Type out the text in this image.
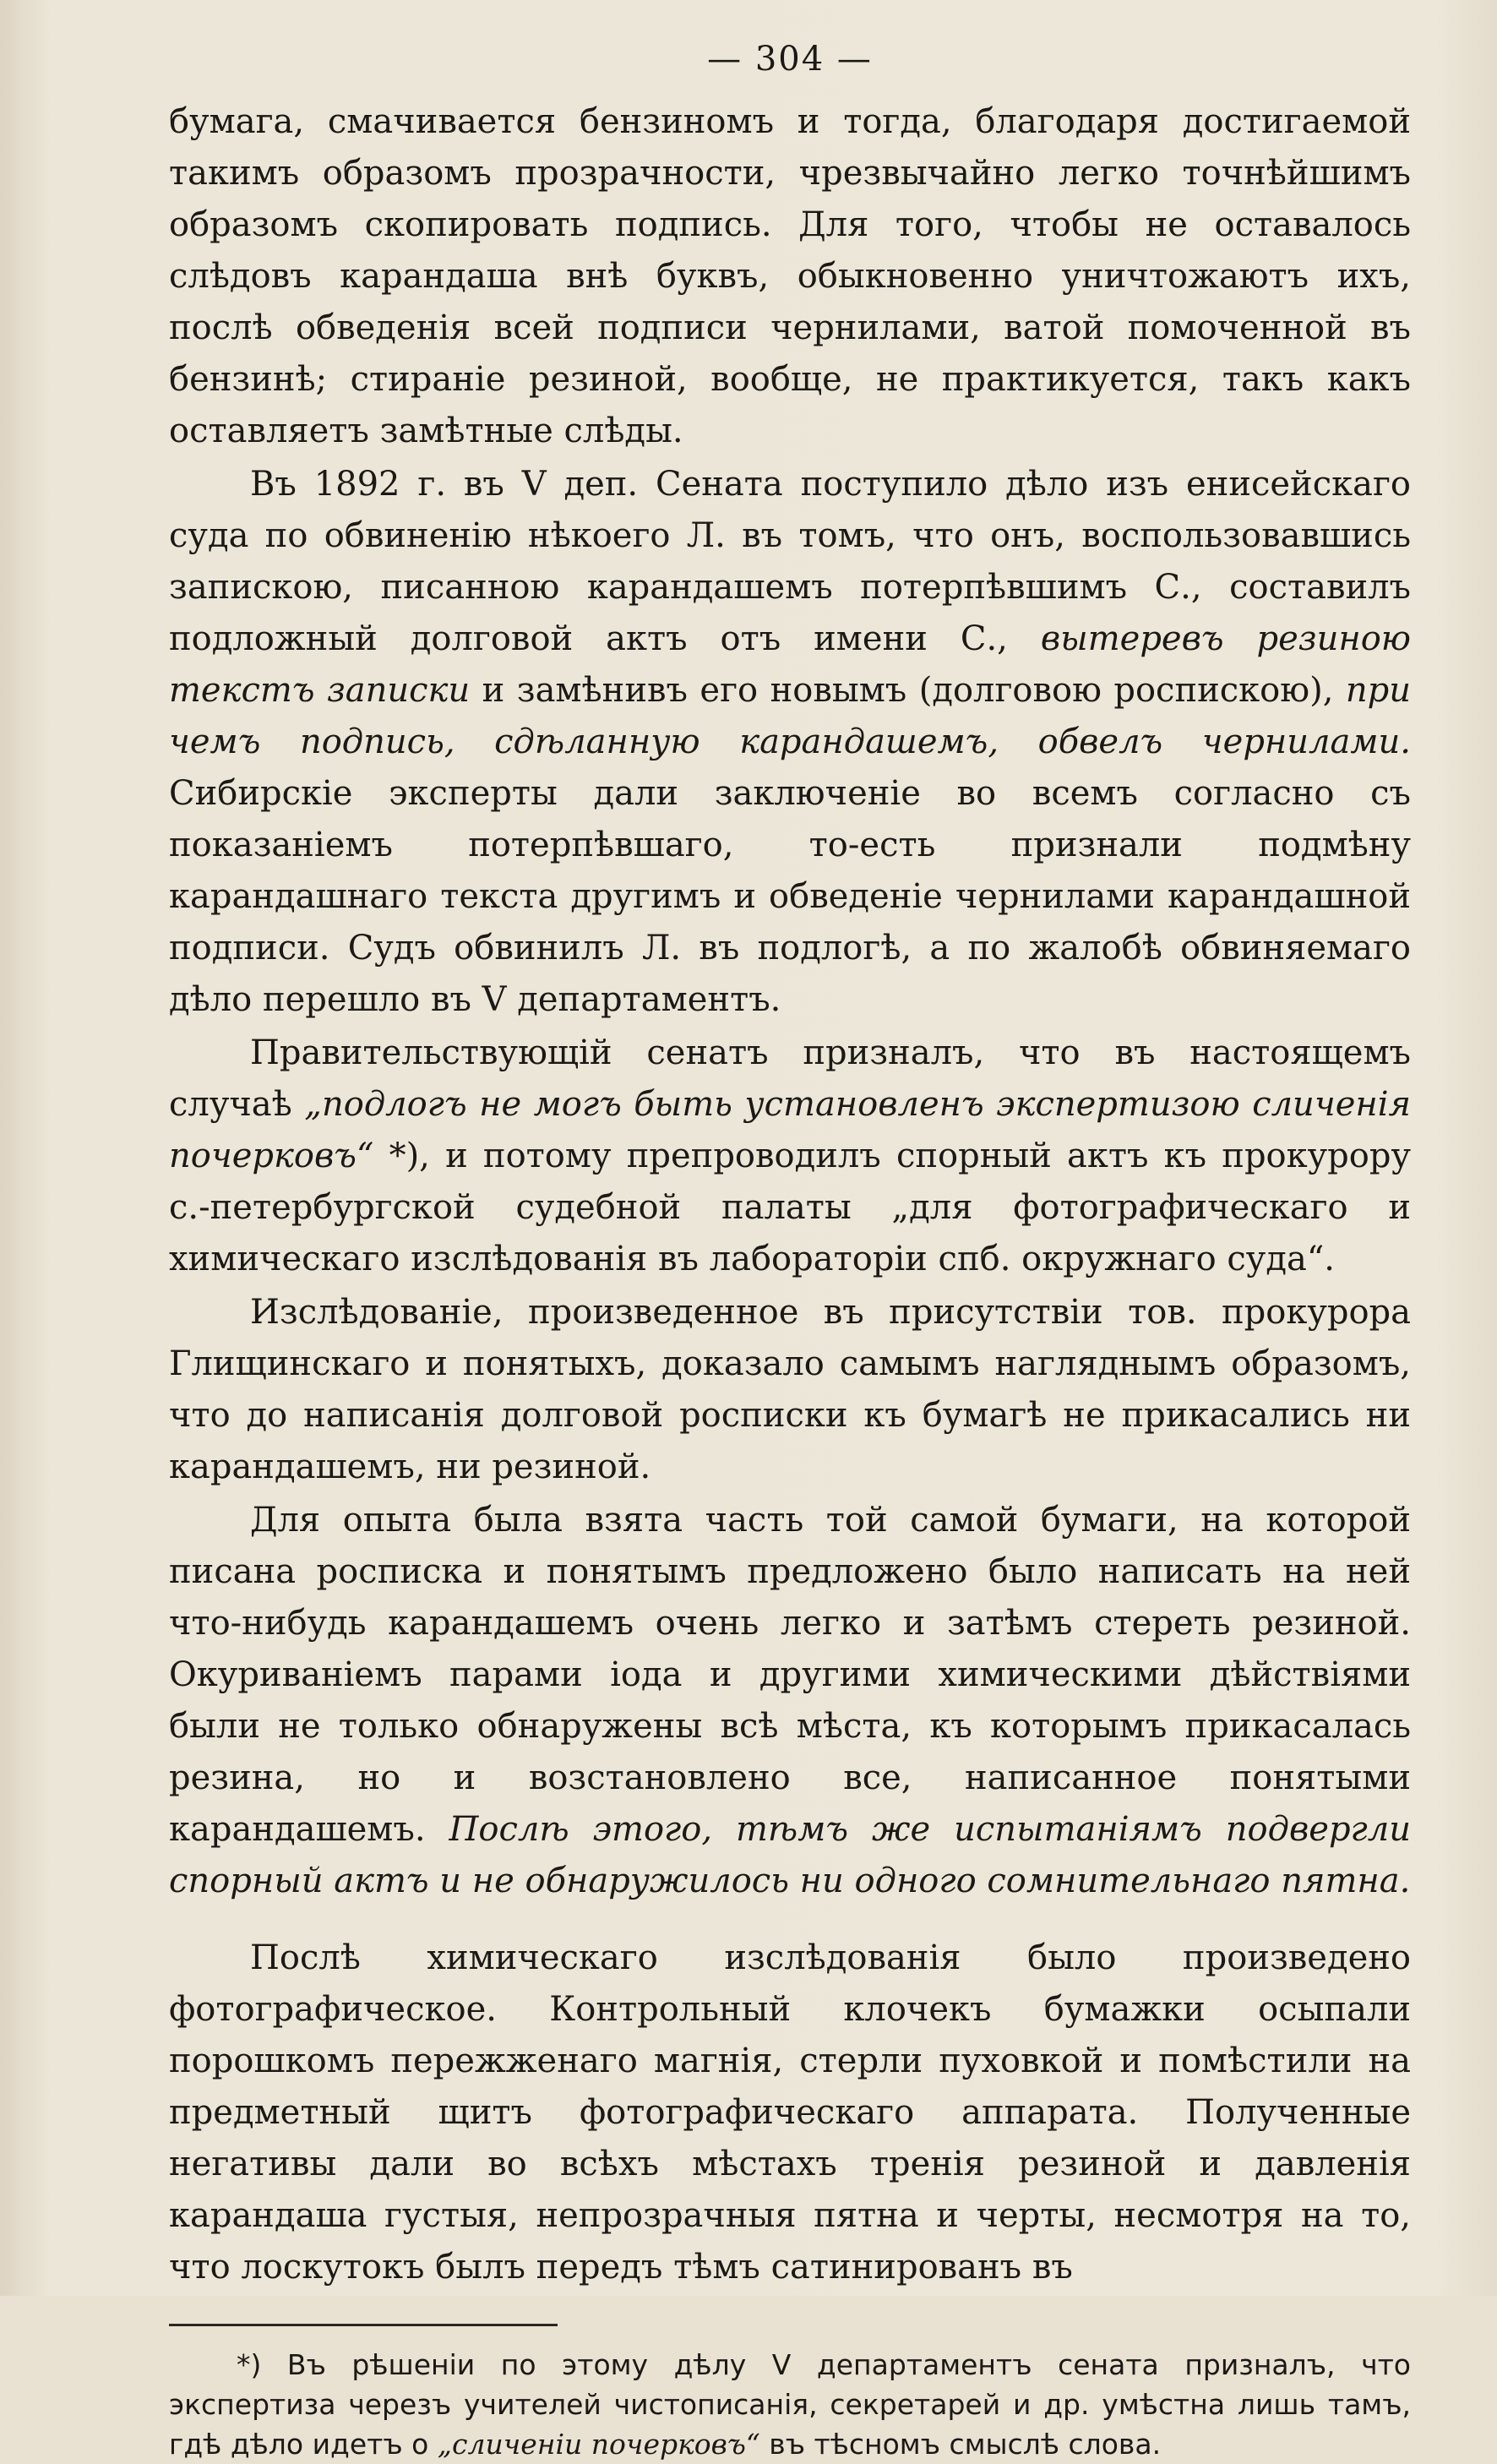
— 304 —

бумага, смачивается бензиномъ и тогда, благодаря достигаемой такимъ образомъ прозрачности, чрезвычайно легко точнѣйшимъ образомъ скопировать подпись. Для того, чтобы не оставалось слѣдовъ карандаша внѣ буквъ, обыкновенно уничтожаютъ ихъ, послѣ обведенія всей подписи чернилами, ватой помоченной въ бензинѣ; стираніе резиной, вообще, не практикуется, такъ какъ оставляетъ замѣтные слѣды.

Въ 1892 г. въ V деп. Сената поступило дѣло изъ енисейскаго суда по обвиненію нѣкоего Л. въ томъ, что онъ, воспользовавшись запискою, писанною карандашемъ потерпѣвшимъ С., составилъ подложный долговой актъ отъ имени С., вытеревъ резиною текстъ записки и замѣнивъ его новымъ (долговою роспискою), при чемъ подпись, сдѣланную карандашемъ, обвелъ чернилами. Сибирскіе эксперты дали заключеніе во всемъ согласно съ показаніемъ потерпѣвшаго, то-есть признали подмѣну карандашнаго текста другимъ и обведеніе чернилами карандашной подписи. Судъ обвинилъ Л. въ подлогѣ, а по жалобѣ обвиняемаго дѣло перешло въ V департаментъ.

Правительствующій сенатъ призналъ, что въ настоящемъ случаѣ „подлогъ не могъ быть установленъ экспертизою сличенія почерковъ“ *), и потому препроводилъ спорный актъ къ прокурору с.-петербургской судебной палаты „для фотографическаго и химическаго изслѣдованія въ лабораторіи спб. окружнаго суда“.

Изслѣдованіе, произведенное въ присутствіи тов. прокурора Глищинскаго и понятыхъ, доказало самымъ нагляднымъ образомъ, что до написанія долговой росписки къ бумагѣ не прикасались ни карандашемъ, ни резиной.

Для опыта была взята часть той самой бумаги, на которой писана росписка и понятымъ предложено было написать на ней что-нибудь карандашемъ очень легко и затѣмъ стереть резиной. Окуриваніемъ парами іода и другими химическими дѣйствіями были не только обнаружены всѣ мѣста, къ которымъ прикасалась резина, но и возстановлено все, написанное понятыми карандашемъ. Послѣ этого, тѣмъ же испытаніямъ подвергли спорный актъ и не обнаружилось ни одного сомнительнаго пятна.

Послѣ химическаго изслѣдованія было произведено фотографическое. Контрольный клочекъ бумажки осыпали порошкомъ пережженаго магнія, стерли пуховкой и помѣстили на предметный щитъ фотографическаго аппарата. Полученные негативы дали во всѣхъ мѣстахъ тренія резиной и давленія карандаша густыя, непрозрачныя пятна и черты, несмотря на то, что лоскутокъ былъ передъ тѣмъ сатинированъ въ

*) Въ рѣшеніи по этому дѣлу V департаментъ сената призналъ, что экспертиза черезъ учителей чистописанія, секретарей и др. умѣстна лишь тамъ, гдѣ дѣло идетъ о „сличеніи почерковъ“ въ тѣсномъ смыслѣ слова.
